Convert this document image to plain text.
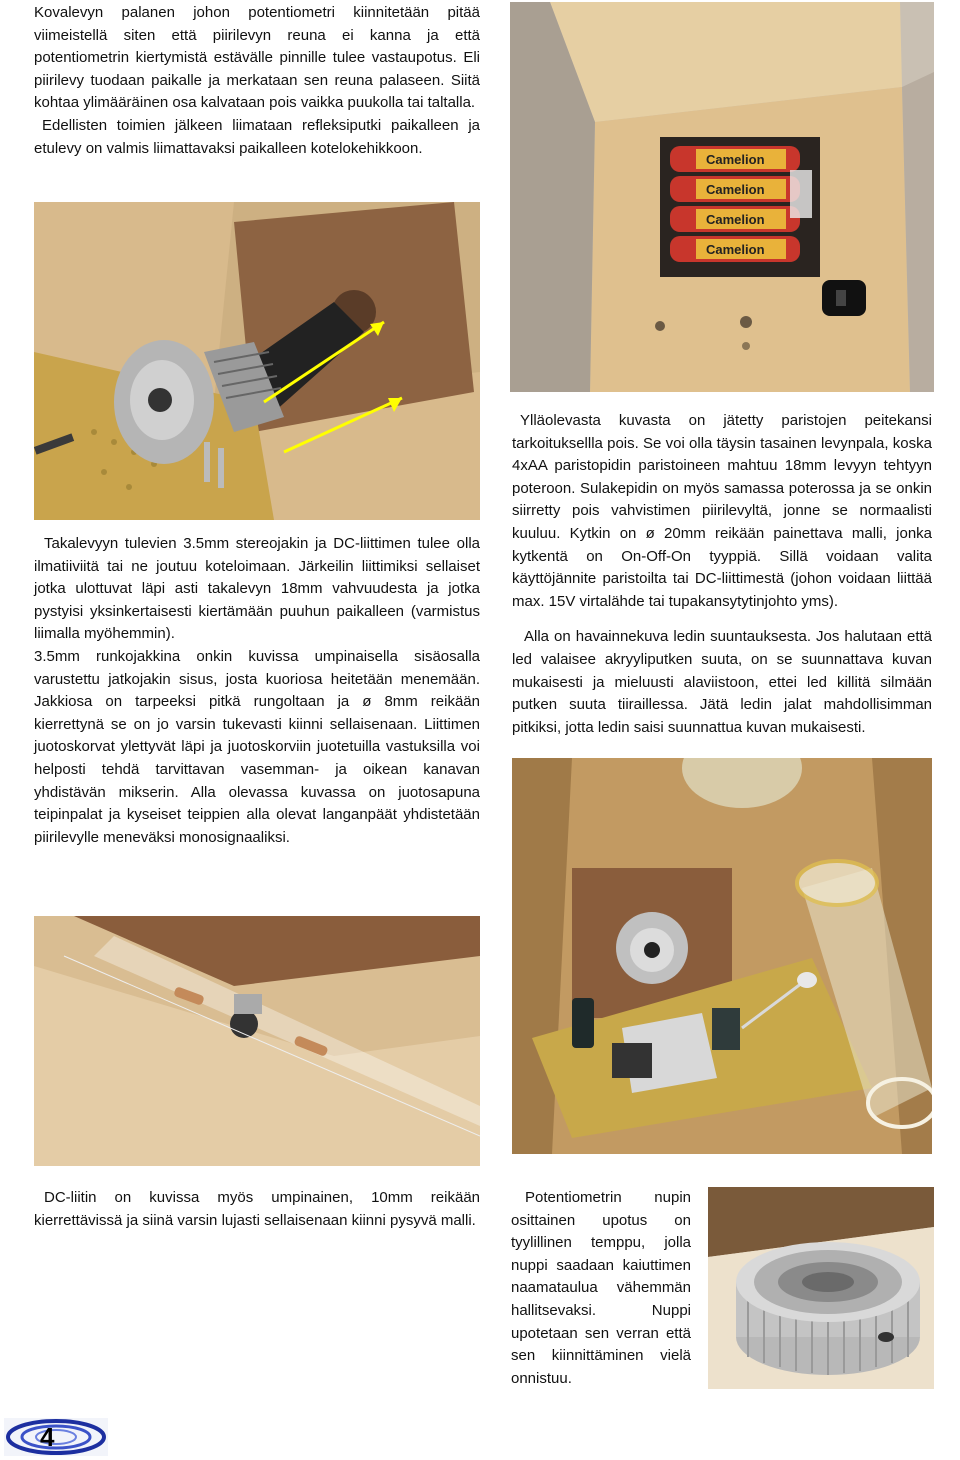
Kovalevyn palanen johon potentiometri kiinnitetään pitää viimeistellä siten että piirilevyn reuna ei kanna ja että potentiometrin kiertymistä estävälle pinnille tulee vastaupotus. Eli piirilevy tuodaan paikalle ja merkataan sen reuna palaseen. Siitä kohtaa ylimääräinen osa kalvataan pois vaikka puukolla tai taltalla.

Edellisten toimien jälkeen liimataan refleksiputki paikalleen ja etulevy on valmis liimattavaksi paikalleen kotelokehikkoon.

Camelion
Camelion
Camelion
Camelion

Takalevyyn tulevien 3.5mm stereojakin ja DC-liittimen tulee olla ilmatiiviitä tai ne joutuu koteloimaan. Järkeilin liittimiksi sellaiset jotka ulottuvat läpi asti takalevyn 18mm vahvuudesta ja jotka pystyisi yksinkertaisesti kiertämään puuhun paikalleen (varmistus liimalla myöhemmin).

3.5mm runkojakkina onkin kuvissa umpinaisella sisäosalla varustettu jatkojakin sisus, josta kuoriosa heitetään menemään. Jakkiosa on tarpeeksi pitkä rungoltaan ja ø 8mm reikään kierrettynä se on jo varsin tukevasti kiinni sellaisenaan. Liittimen juotoskorvat ylettyvät läpi ja juotoskorviin juotetuilla vastuksilla voi helposti tehdä tarvittavan vasemman- ja oikean kanavan yhdistävän mikserin. Alla olevassa kuvassa on juotosapuna teipinpalat ja kyseiset teippien alla olevat langanpäät yhdistetään piirilevylle meneväksi monosignaaliksi.

Ylläolevasta kuvasta on jätetty paristojen peitekansi tarkoituksellla pois. Se voi olla täysin tasainen levynpala, koska 4xAA paristopidin paristoineen mahtuu 18mm levyyn tehtyyn poteroon. Sulakepidin on myös samassa poterossa ja se onkin siirretty pois vahvistimen piirilevyltä, jonne se normaalisti kuuluu. Kytkin on ø 20mm reikään painettava malli, jonka kytkentä on On-Off-On tyyppiä. Sillä voidaan valita käyttöjännite paristoilta tai DC-liittimestä (johon voidaan liittää max. 15V virtalähde tai tupakansytytinjohto yms).

Alla on havainnekuva ledin suuntauksesta. Jos halutaan että led valaisee akryyliputken suuta, on se suunnattava kuvan mukaisesti ja mieluusti alaviistoon, ettei led killitä silmään putken suuta tiiraillessa. Jätä ledin jalat mahdollisimman pitkiksi, jotta ledin saisi suunnattua kuvan mukaisesti.

DC-liitin on kuvissa myös umpinainen, 10mm reikään kierrettävissä ja siinä varsin lujasti sellaisenaan kiinni pysyvä malli.

Potentiometrin nupin osittainen upotus on tyylillinen temppu, jolla nuppi saadaan kaiuttimen naamataulua vähemmän hallitsevaksi. Nuppi upotetaan sen verran että sen kiinnittäminen vielä onnistuu.

4
